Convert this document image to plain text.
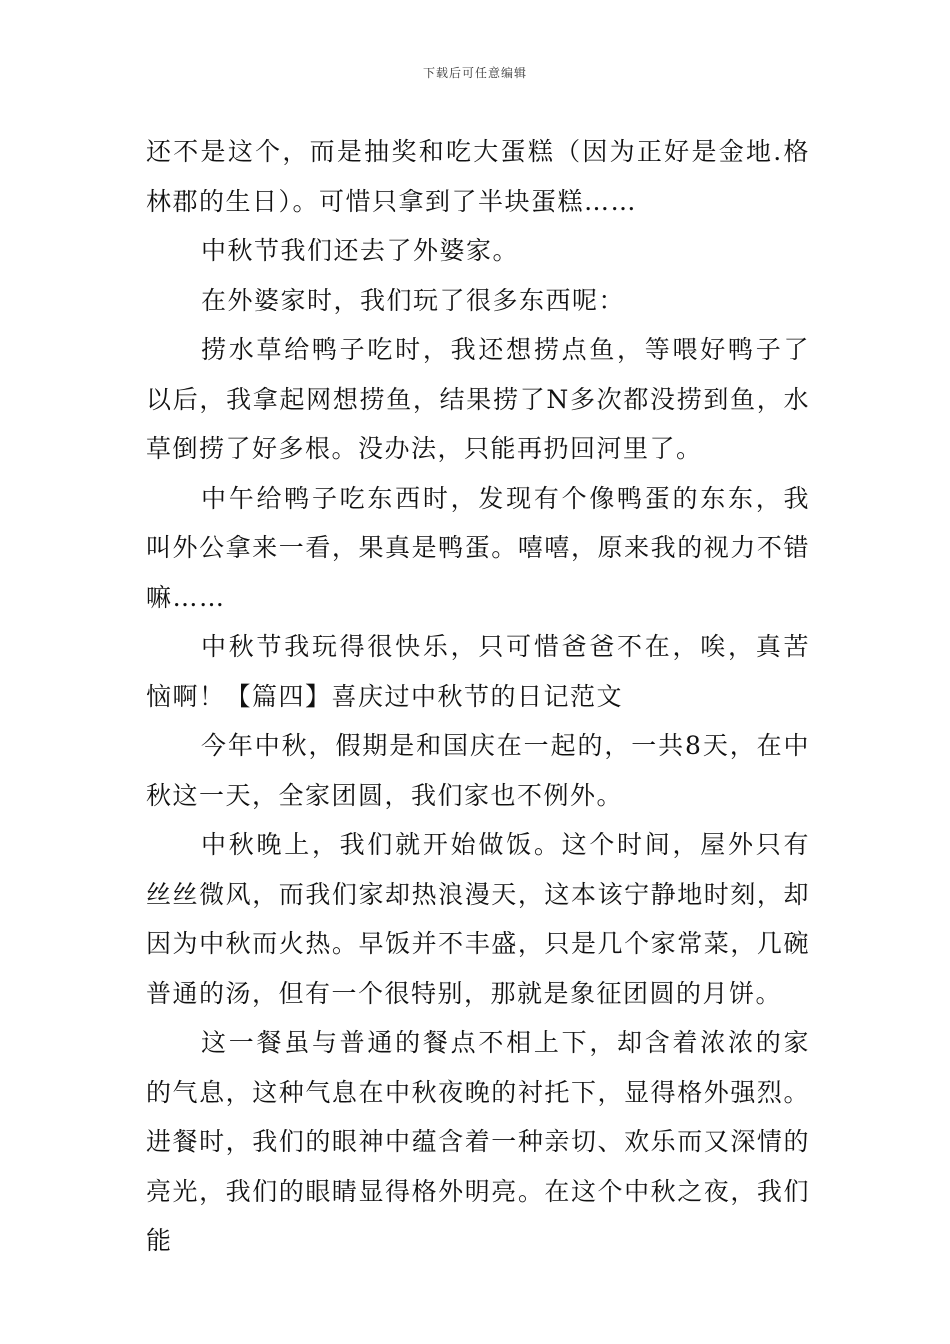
下载后可任意编辑

还不是这个，而是抽奖和吃大蛋糕（因为正好是金地.格林郡的生日）。可惜只拿到了半块蛋糕……

中秋节我们还去了外婆家。

在外婆家时，我们玩了很多东西呢：

捞水草给鸭子吃时，我还想捞点鱼，等喂好鸭子了以后，我拿起网想捞鱼，结果捞了N多次都没捞到鱼，水草倒捞了好多根。没办法，只能再扔回河里了。

中午给鸭子吃东西时，发现有个像鸭蛋的东东，我叫外公拿来一看，果真是鸭蛋。嘻嘻，原来我的视力不错嘛……

中秋节我玩得很快乐，只可惜爸爸不在，唉，真苦恼啊！【篇四】喜庆过中秋节的日记范文

今年中秋，假期是和国庆在一起的，一共8天，在中秋这一天，全家团圆，我们家也不例外。

中秋晚上，我们就开始做饭。这个时间，屋外只有丝丝微风，而我们家却热浪漫天，这本该宁静地时刻，却因为中秋而火热。早饭并不丰盛，只是几个家常菜，几碗普通的汤，但有一个很特别，那就是象征团圆的月饼。

这一餐虽与普通的餐点不相上下，却含着浓浓的家的气息，这种气息在中秋夜晚的衬托下，显得格外强烈。进餐时，我们的眼神中蕴含着一种亲切、欢乐而又深情的亮光，我们的眼睛显得格外明亮。在这个中秋之夜，我们能
